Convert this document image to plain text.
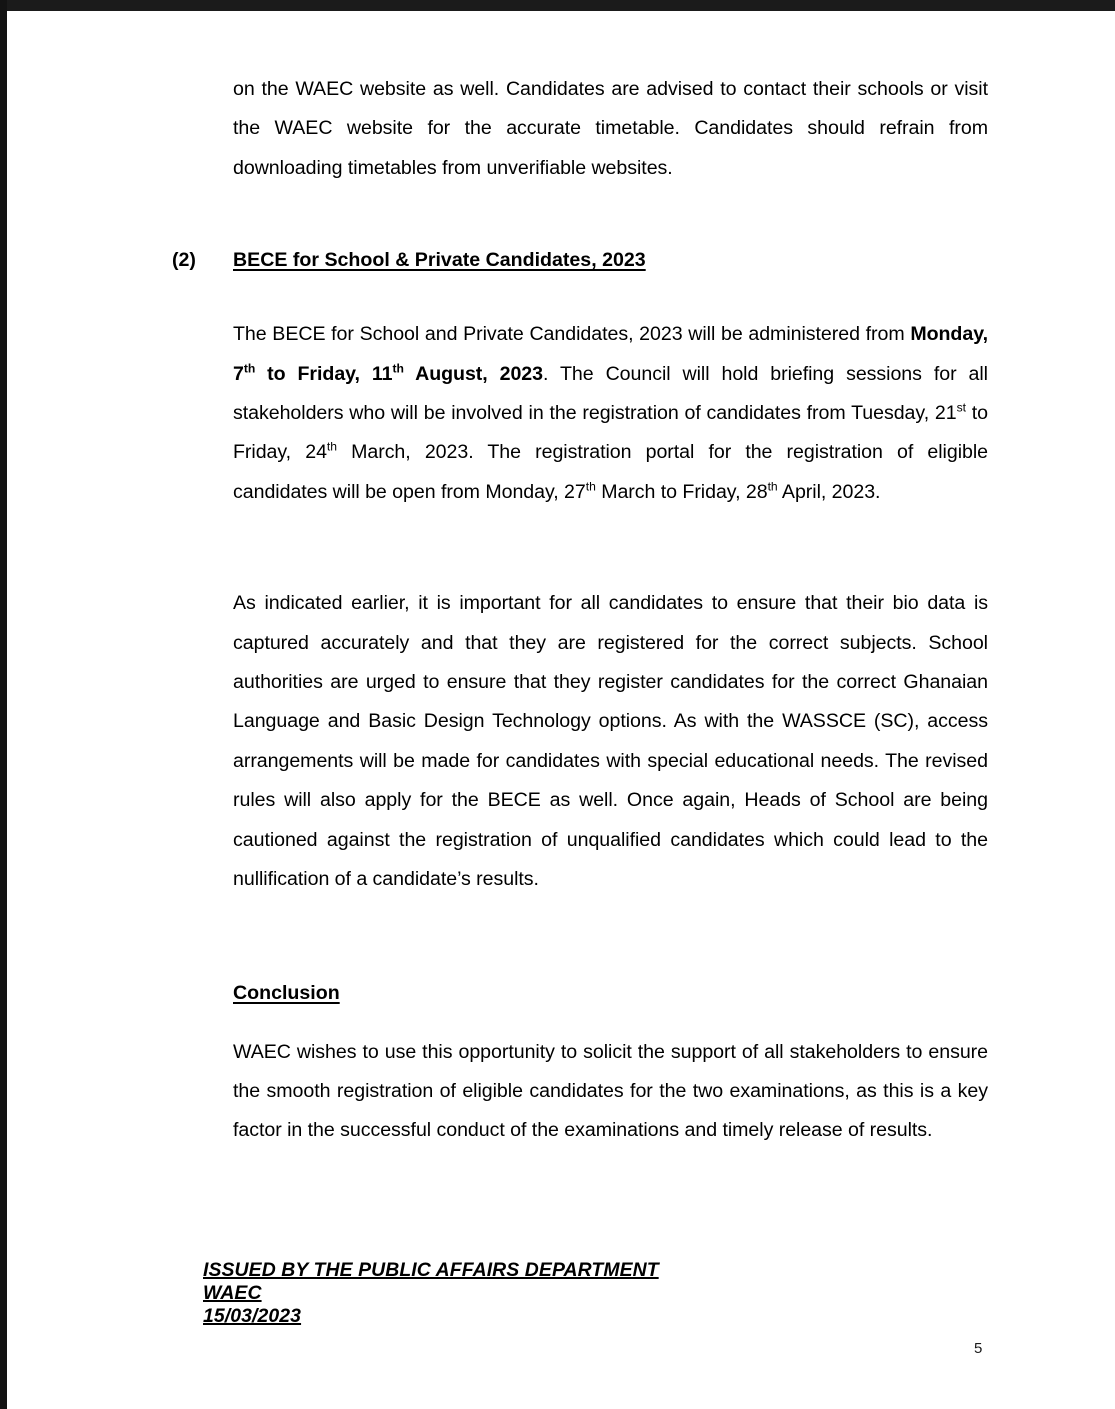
on the WAEC website as well. Candidates are advised to contact their schools or visit the WAEC website for the accurate timetable. Candidates should refrain from downloading timetables from unverifiable websites.

(2) BECE for School & Private Candidates, 2023

The BECE for School and Private Candidates, 2023 will be administered from Monday, 7th to Friday, 11th August, 2023. The Council will hold briefing sessions for all stakeholders who will be involved in the registration of candidates from Tuesday, 21st to Friday, 24th March, 2023. The registration portal for the registration of eligible candidates will be open from Monday, 27th March to Friday, 28th April, 2023.

As indicated earlier, it is important for all candidates to ensure that their bio data is captured accurately and that they are registered for the correct subjects. School authorities are urged to ensure that they register candidates for the correct Ghanaian Language and Basic Design Technology options. As with the WASSCE (SC), access arrangements will be made for candidates with special educational needs. The revised rules will also apply for the BECE as well. Once again, Heads of School are being cautioned against the registration of unqualified candidates which could lead to the nullification of a candidate’s results.

Conclusion

WAEC wishes to use this opportunity to solicit the support of all stakeholders to ensure the smooth registration of eligible candidates for the two examinations, as this is a key factor in the successful conduct of the examinations and timely release of results.

ISSUED BY THE PUBLIC AFFAIRS DEPARTMENT
WAEC
15/03/2023
5
